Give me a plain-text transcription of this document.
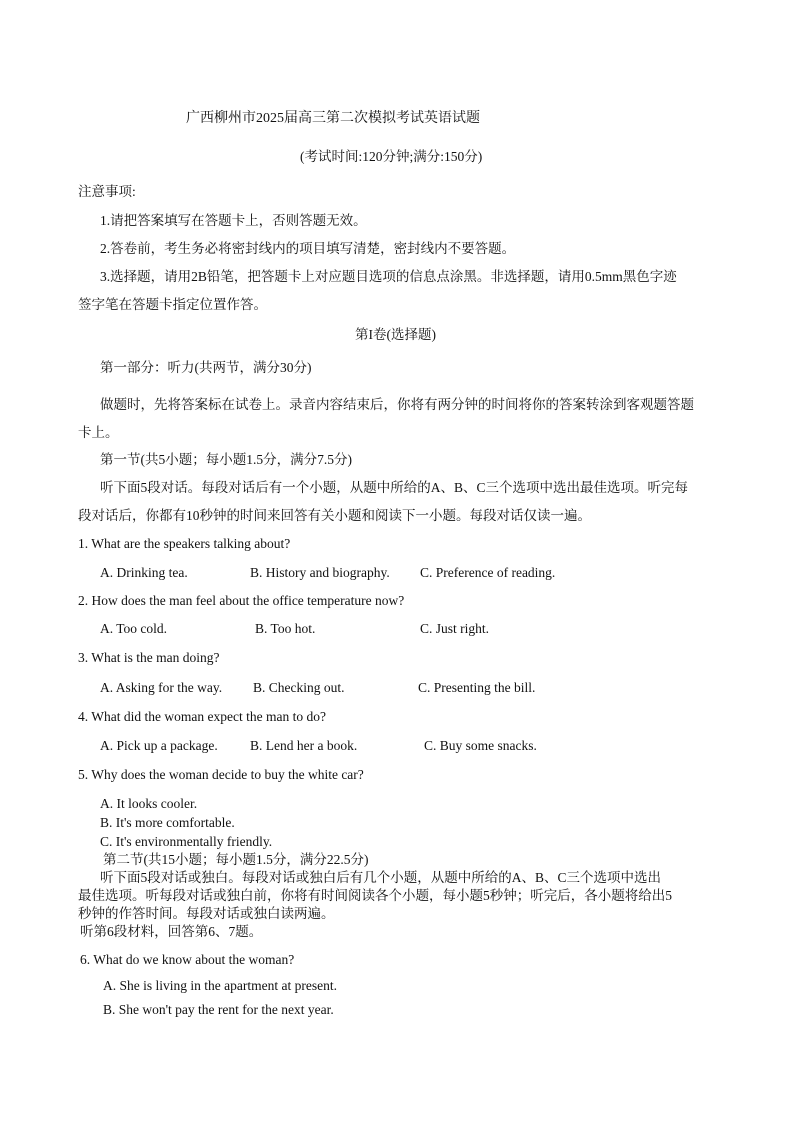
广西柳州市2025届高三第二次模拟考试英语试题
(考试时间:120分钟;满分:150分)
注意事项:
1.请把答案填写在答题卡上，否则答题无效。
2.答卷前，考生务必将密封线内的项目填写清楚，密封线内不要答题。
3.选择题，请用2B铅笔，把答题卡上对应题目选项的信息点涂黑。非选择题，请用0.5mm黑色字迹
签字笔在答题卡指定位置作答。
第I卷(选择题)
第一部分：听力(共两节，满分30分)
做题时，先将答案标在试卷上。录音内容结束后，你将有两分钟的时间将你的答案转涂到客观题答题
卡上。
第一节(共5小题；每小题1.5分，满分7.5分)
听下面5段对话。每段对话后有一个小题，从题中所给的A、B、C三个选项中选出最佳选项。听完每
段对话后，你都有10秒钟的时间来回答有关小题和阅读下一小题。每段对话仅读一遍。
1. What are the speakers talking about?
A. Drinking tea.	B. History and biography. C. Preference of reading.
2. How does the man feel about the office temperature now?
A. Too cold.	B. Too hot.	C. Just right.
3. What is the man doing?
A. Asking for the way. B. Checking out.	C. Presenting the bill.
4. What did the woman expect the man to do?
A. Pick up a package. B. Lend her a book.	C. Buy some snacks.
5. Why does the woman decide to buy the white car?
A. It looks cooler.
B. It's more comfortable.
C. It's environmentally friendly.
第二节(共15小题；每小题1.5分，满分22.5分)
听下面5段对话或独白。每段对话或独白后有几个小题，从题中所给的A、B、C三个选项中选出
最佳选项。听每段对话或独白前，你将有时间阅读各个小题，每小题5秒钟；听完后，各小题将给出5
秒钟的作答时间。每段对话或独白读两遍。
听第6段材料，回答第6、7题。
6. What do we know about the woman?
A. She is living in the apartment at present.
B. She won't pay the rent for the next year.
